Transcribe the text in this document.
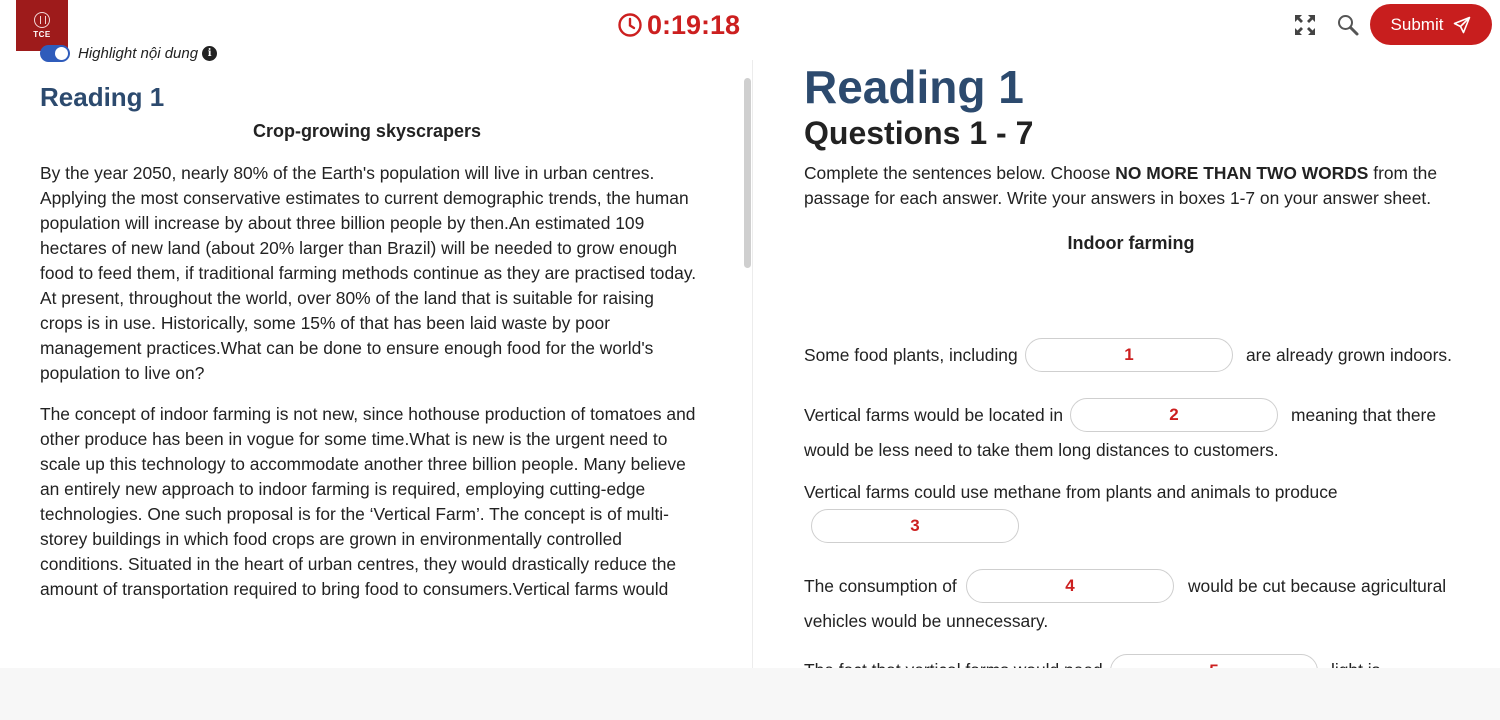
TCE	0:19:18	Submit
Highlight nội dung i
Reading 1
Crop-growing skyscrapers

By the year 2050, nearly 80% of the Earth's population will live in urban centres. Applying the most conservative estimates to current demographic trends, the human population will increase by about three billion people by then.An estimated 109 hectares of new land (about 20% larger than Brazil) will be needed to grow enough food to feed them, if traditional farming methods continue as they are practised today. At present, throughout the world, over 80% of the land that is suitable for raising crops is in use. Historically, some 15% of that has been laid waste by poor management practices.What can be done to ensure enough food for the world's population to live on?

The concept of indoor farming is not new, since hothouse production of tomatoes and other produce has been in vogue for some time.What is new is the urgent need to scale up this technology to accommodate another three billion people. Many believe an entirely new approach to indoor farming is required, employing cutting-edge technologies. One such proposal is for the ‘Vertical Farm’. The concept is of multi-storey buildings in which food crops are grown in environmentally controlled conditions. Situated in the heart of urban centres, they would drastically reduce the amount of transportation required to bring food to consumers.Vertical farms would

Reading 1
Questions 1 - 7
Complete the sentences below. Choose NO MORE THAN TWO WORDS from the passage for each answer. Write your answers in boxes 1-7 on your answer sheet.
Indoor farming
Some food plants, including	1	are already grown indoors.
Vertical farms would be located in	2	meaning that there
would be less need to take them long distances to customers.
Vertical farms could use methane from plants and animals to produce
3
The consumption of	4	would be cut because agricultural
vehicles would be unnecessary.
